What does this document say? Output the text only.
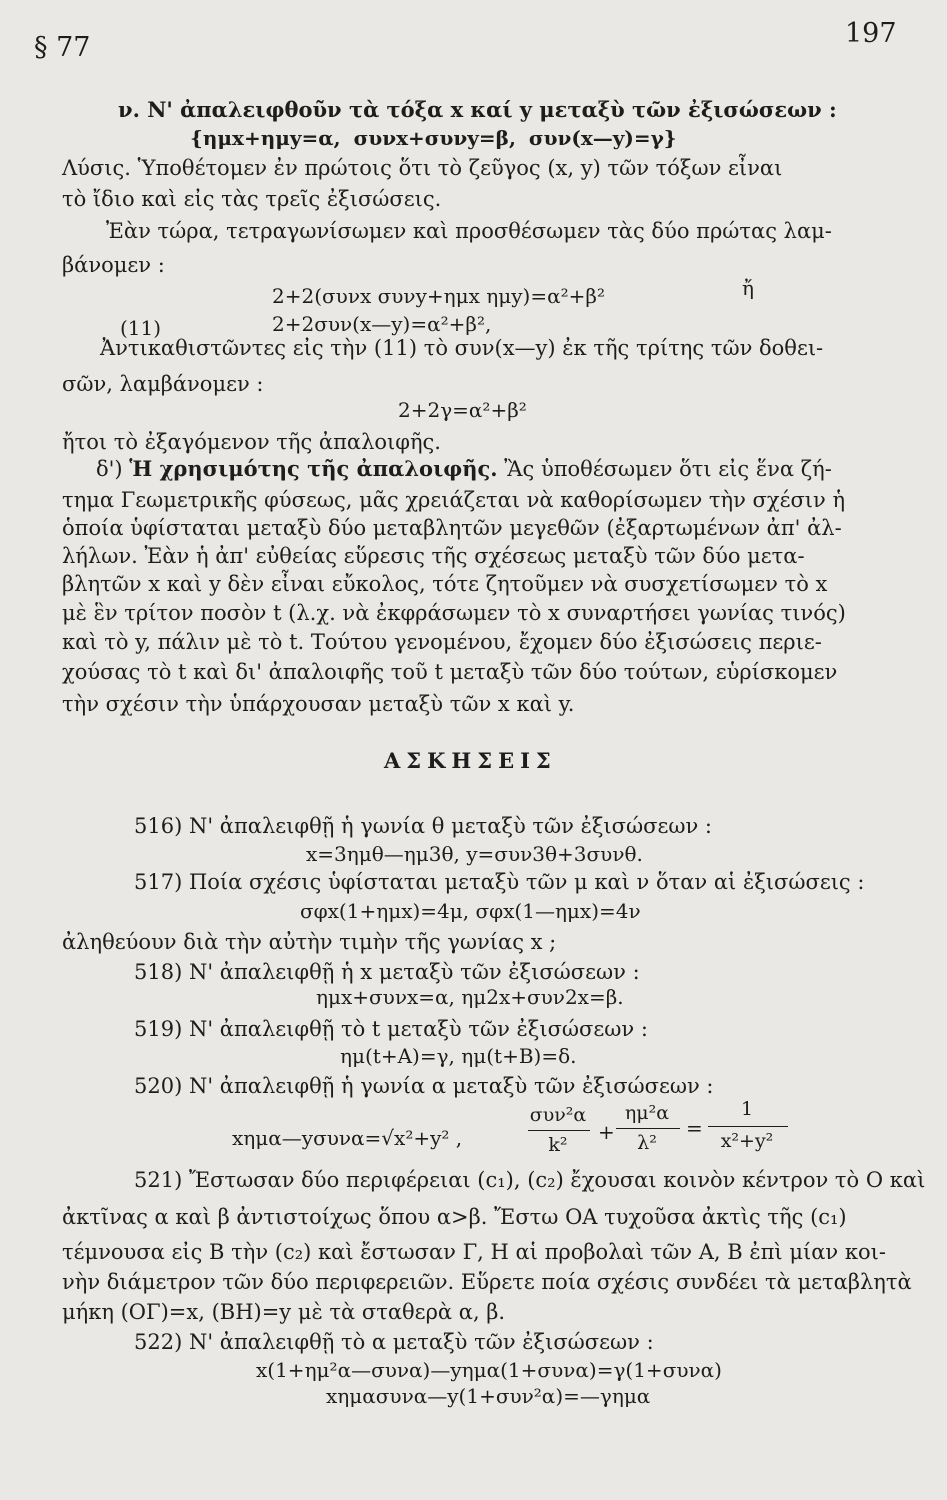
§ 77	197
ν. Ν' ἀπαλειφθοῦν τὰ τόξα x καί y μεταξὺ τῶν ἐξισώσεων :
{ημx+ημy=α, συνx+συνy=β, συν(x—y)=γ}
Λύσις. Ὑποθέτομεν ἐν πρώτοις ὅτι τὸ ζεῦγος (x, y) τῶν τόξων εἶναι
τὸ ἴδιο καὶ εἰς τὰς τρεῖς ἐξισώσεις.
Ἐὰν τώρα, τετραγωνίσωμεν καὶ προσθέσωμεν τὰς δύο πρώτας λαμ-
βάνομεν :
2+2(συνx συνy+ημx ημy)=α²+β²	ἤ
(11)	2+2συν(x—y)=α²+β²,
Ἀντικαθιστῶντες εἰς τὴν (11) τὸ συν(x—y) ἐκ τῆς τρίτης τῶν δοθει-
σῶν, λαμβάνομεν :
2+2γ=α²+β²
ἤτοι τὸ ἐξαγόμενον τῆς ἀπαλοιφῆς.
δ') Ἡ χρησιμότης τῆς ἀπαλοιφῆς. Ἂς ὑποθέσωμεν ὅτι εἰς ἕνα ζή-
τημα Γεωμετρικῆς φύσεως, μᾶς χρειάζεται νὰ καθορίσωμεν τὴν σχέσιν ἡ
ὁποία ὑφίσταται μεταξὺ δύο μεταβλητῶν μεγεθῶν (ἐξαρτωμένων ἀπ' ἀλ-
λήλων. Ἐὰν ἡ ἀπ' εὐθείας εὕρεσις τῆς σχέσεως μεταξὺ τῶν δύο μετα-
βλητῶν x καὶ y δὲν εἶναι εὔκολος, τότε ζητοῦμεν νὰ συσχετίσωμεν τὸ x
μὲ ἓν τρίτον ποσὸν t (λ.χ. νὰ ἐκφράσωμεν τὸ x συναρτήσει γωνίας τινός)
καὶ τὸ y, πάλιν μὲ τὸ t. Τούτου γενομένου, ἔχομεν δύο ἐξισώσεις περιε-
χούσας τὸ t καὶ δι' ἀπαλοιφῆς τοῦ t μεταξὺ τῶν δύο τούτων, εὑρίσκομεν
τὴν σχέσιν τὴν ὑπάρχουσαν μεταξὺ τῶν x καὶ y.
ΑΣΚΗΣΕΙΣ
516) Ν' ἀπαλειφθῇ ἡ γωνία θ μεταξὺ τῶν ἐξισώσεων :
x=3ημθ—ημ3θ, y=συν3θ+3συνθ.
517) Ποία σχέσις ὑφίσταται μεταξὺ τῶν μ καὶ ν ὅταν αἱ ἐξισώσεις :
σφx(1+ημx)=4μ, σφx(1—ημx)=4ν
ἀληθεύουν διὰ τὴν αὐτὴν τιμὴν τῆς γωνίας x ;
518) Ν' ἀπαλειφθῇ ἡ x μεταξὺ τῶν ἐξισώσεων :
ημx+συνx=α, ημ2x+συν2x=β.
519) Ν' ἀπαλειφθῇ τὸ t μεταξὺ τῶν ἐξισώσεων :
ημ(t+A)=γ, ημ(t+B)=δ.
520) Ν' ἀπαλειφθῇ ἡ γωνία α μεταξὺ τῶν ἐξισώσεων :
xημα—yσυνα=√x²+y² ,
συν²α
k²
+
ημ²α
λ²
=
1
x²+y²
521) Ἔστωσαν δύο περιφέρειαι (c₁), (c₂) ἔχουσαι κοινὸν κέντρον τὸ Ο καὶ
ἀκτῖνας α καὶ β ἀντιστοίχως ὅπου α>β. Ἔστω ΟΑ τυχοῦσα ἀκτὶς τῆς (c₁)
τέμνουσα εἰς Β τὴν (c₂) καὶ ἔστωσαν Γ, Η αἱ προβολαὶ τῶν Α, Β ἐπὶ μίαν κοι-
νὴν διάμετρον τῶν δύο περιφερειῶν. Εὕρετε ποία σχέσις συνδέει τὰ μεταβλητὰ
μήκη (ΟΓ)=x, (ΒΗ)=y μὲ τὰ σταθερὰ α, β.
522) Ν' ἀπαλειφθῇ τὸ α μεταξὺ τῶν ἐξισώσεων :
x(1+ημ²α—συνα)—yημα(1+συνα)=γ(1+συνα)
xημασυνα—y(1+συν²α)=—γημα
